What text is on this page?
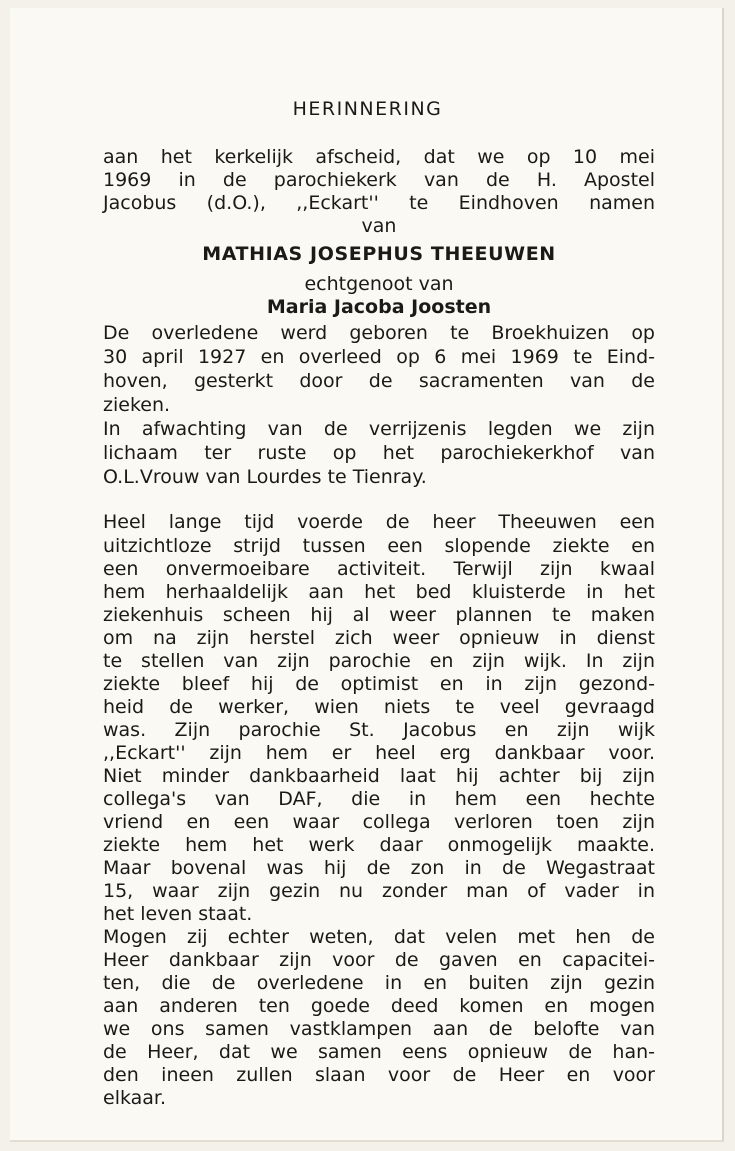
HERINNERING
aan het kerkelijk afscheid, dat we op 10 mei
1969 in de parochiekerk van de H. Apostel
Jacobus (d.O.), ,,Eckart'' te Eindhoven namen
van
MATHIAS JOSEPHUS THEEUWEN
echtgenoot van
Maria Jacoba Joosten
De overledene werd geboren te Broekhuizen op
30 april 1927 en overleed op 6 mei 1969 te Eind-
hoven, gesterkt door de sacramenten van de
zieken.
In afwachting van de verrijzenis legden we zijn
lichaam ter ruste op het parochiekerkhof van
O.L.Vrouw van Lourdes te Tienray.
Heel lange tijd voerde de heer Theeuwen een
uitzichtloze strijd tussen een slopende ziekte en
een onvermoeibare activiteit. Terwijl zijn kwaal
hem herhaaldelijk aan het bed kluisterde in het
ziekenhuis scheen hij al weer plannen te maken
om na zijn herstel zich weer opnieuw in dienst
te stellen van zijn parochie en zijn wijk. In zijn
ziekte bleef hij de optimist en in zijn gezond-
heid de werker, wien niets te veel gevraagd
was. Zijn parochie St. Jacobus en zijn wijk
,,Eckart'' zijn hem er heel erg dankbaar voor.
Niet minder dankbaarheid laat hij achter bij zijn
collega's van DAF, die in hem een hechte
vriend en een waar collega verloren toen zijn
ziekte hem het werk daar onmogelijk maakte.
Maar bovenal was hij de zon in de Wegastraat
15, waar zijn gezin nu zonder man of vader in
het leven staat.
Mogen zij echter weten, dat velen met hen de
Heer dankbaar zijn voor de gaven en capacitei-
ten, die de overledene in en buiten zijn gezin
aan anderen ten goede deed komen en mogen
we ons samen vastklampen aan de belofte van
de Heer, dat we samen eens opnieuw de han-
den ineen zullen slaan voor de Heer en voor
elkaar.
